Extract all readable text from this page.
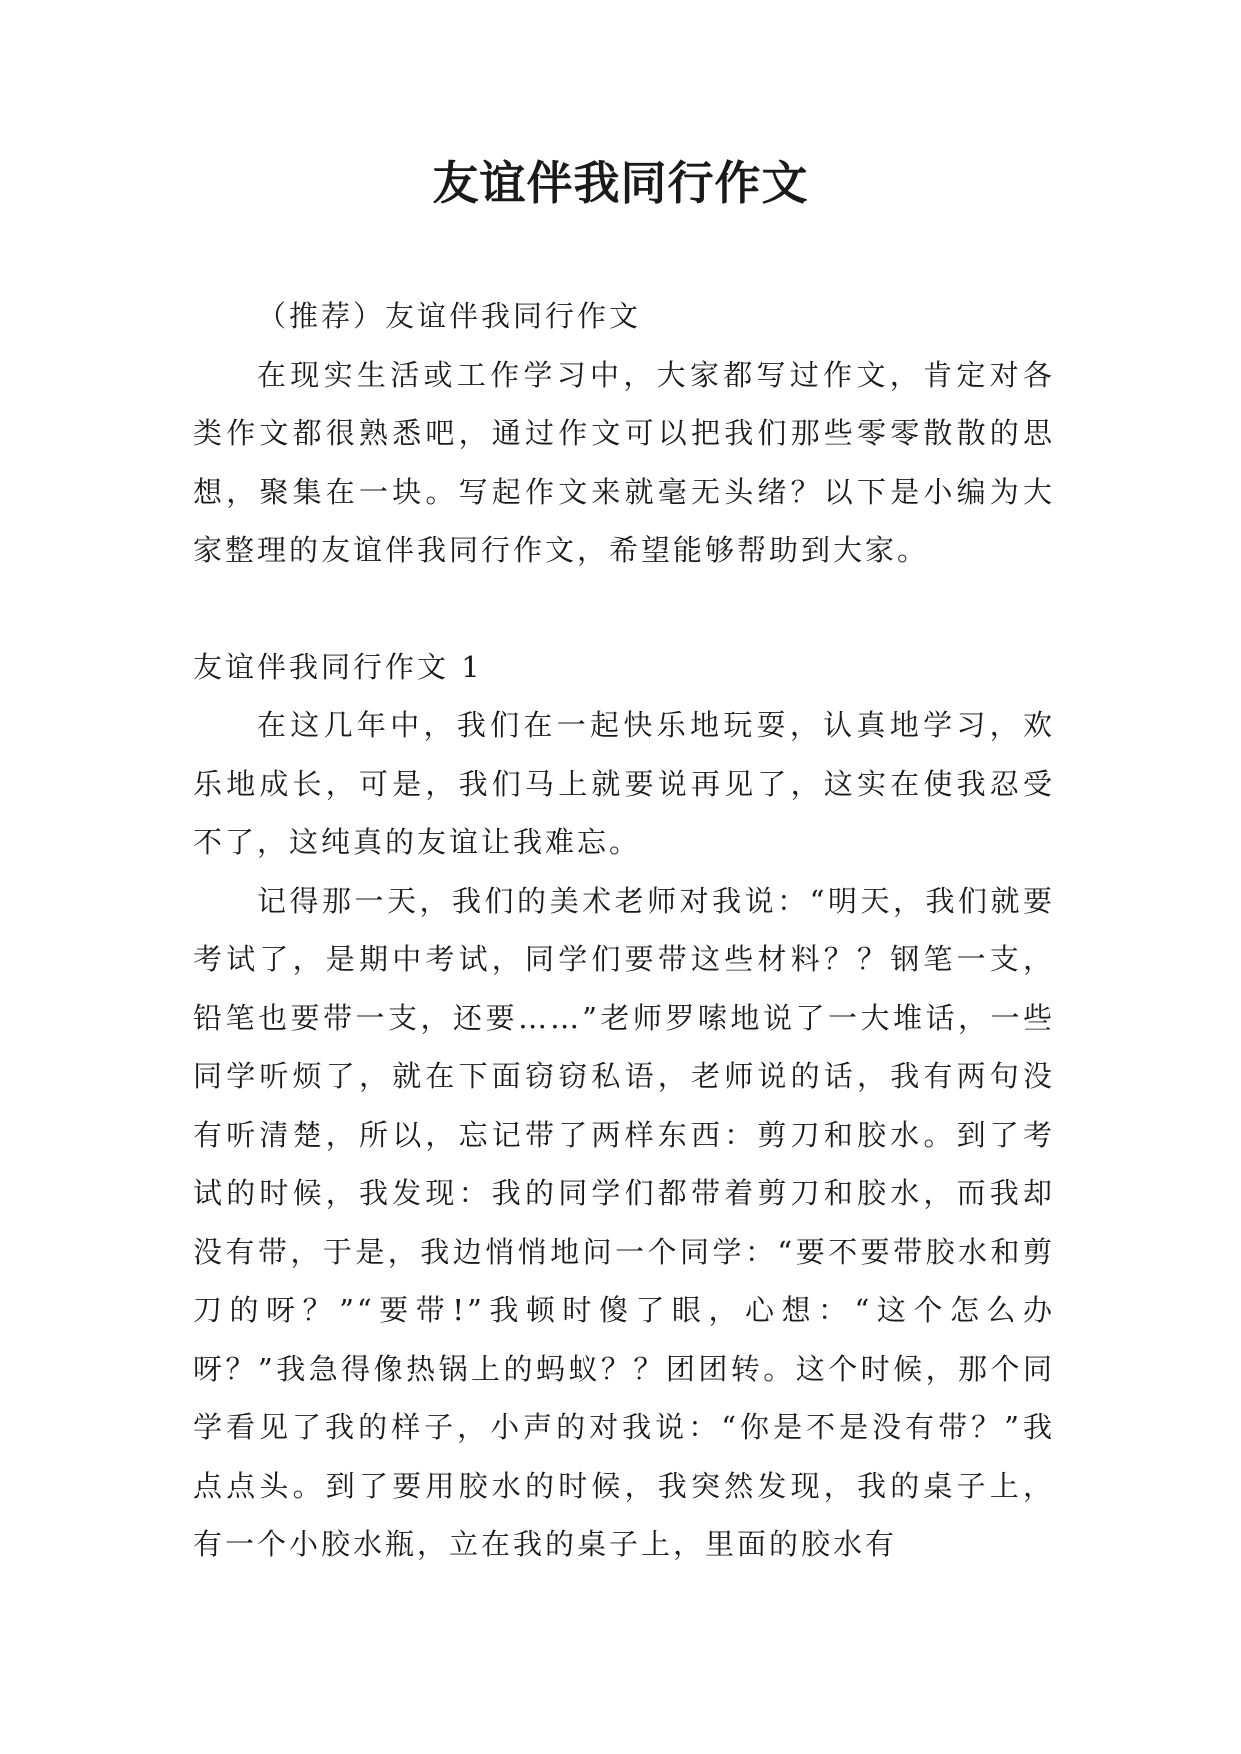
友谊伴我同行作文

（推荐）友谊伴我同行作文

在现实生活或工作学习中，大家都写过作文，肯定对各类作文都很熟悉吧，通过作文可以把我们那些零零散散的思想，聚集在一块。写起作文来就毫无头绪？以下是小编为大家整理的友谊伴我同行作文，希望能够帮助到大家。

友谊伴我同行作文 1

在这几年中，我们在一起快乐地玩耍，认真地学习，欢乐地成长，可是，我们马上就要说再见了，这实在使我忍受不了，这纯真的友谊让我难忘。

记得那一天，我们的美术老师对我说：“明天，我们就要考试了，是期中考试，同学们要带这些材料？？钢笔一支，铅笔也要带一支，还要……”老师罗嗦地说了一大堆话，一些同学听烦了，就在下面窃窃私语，老师说的话，我有两句没有听清楚，所以，忘记带了两样东西：剪刀和胶水。到了考试的时候，我发现：我的同学们都带着剪刀和胶水，而我却没有带，于是，我边悄悄地问一个同学：“要不要带胶水和剪刀的呀？”“要带!”我顿时傻了眼，心想：“这个怎么办呀？”我急得像热锅上的蚂蚁？？团团转。这个时候，那个同学看见了我的样子，小声的对我说：“你是不是没有带？”我点点头。到了要用胶水的时候，我突然发现，我的桌子上，有一个小胶水瓶，立在我的桌子上，里面的胶水有
